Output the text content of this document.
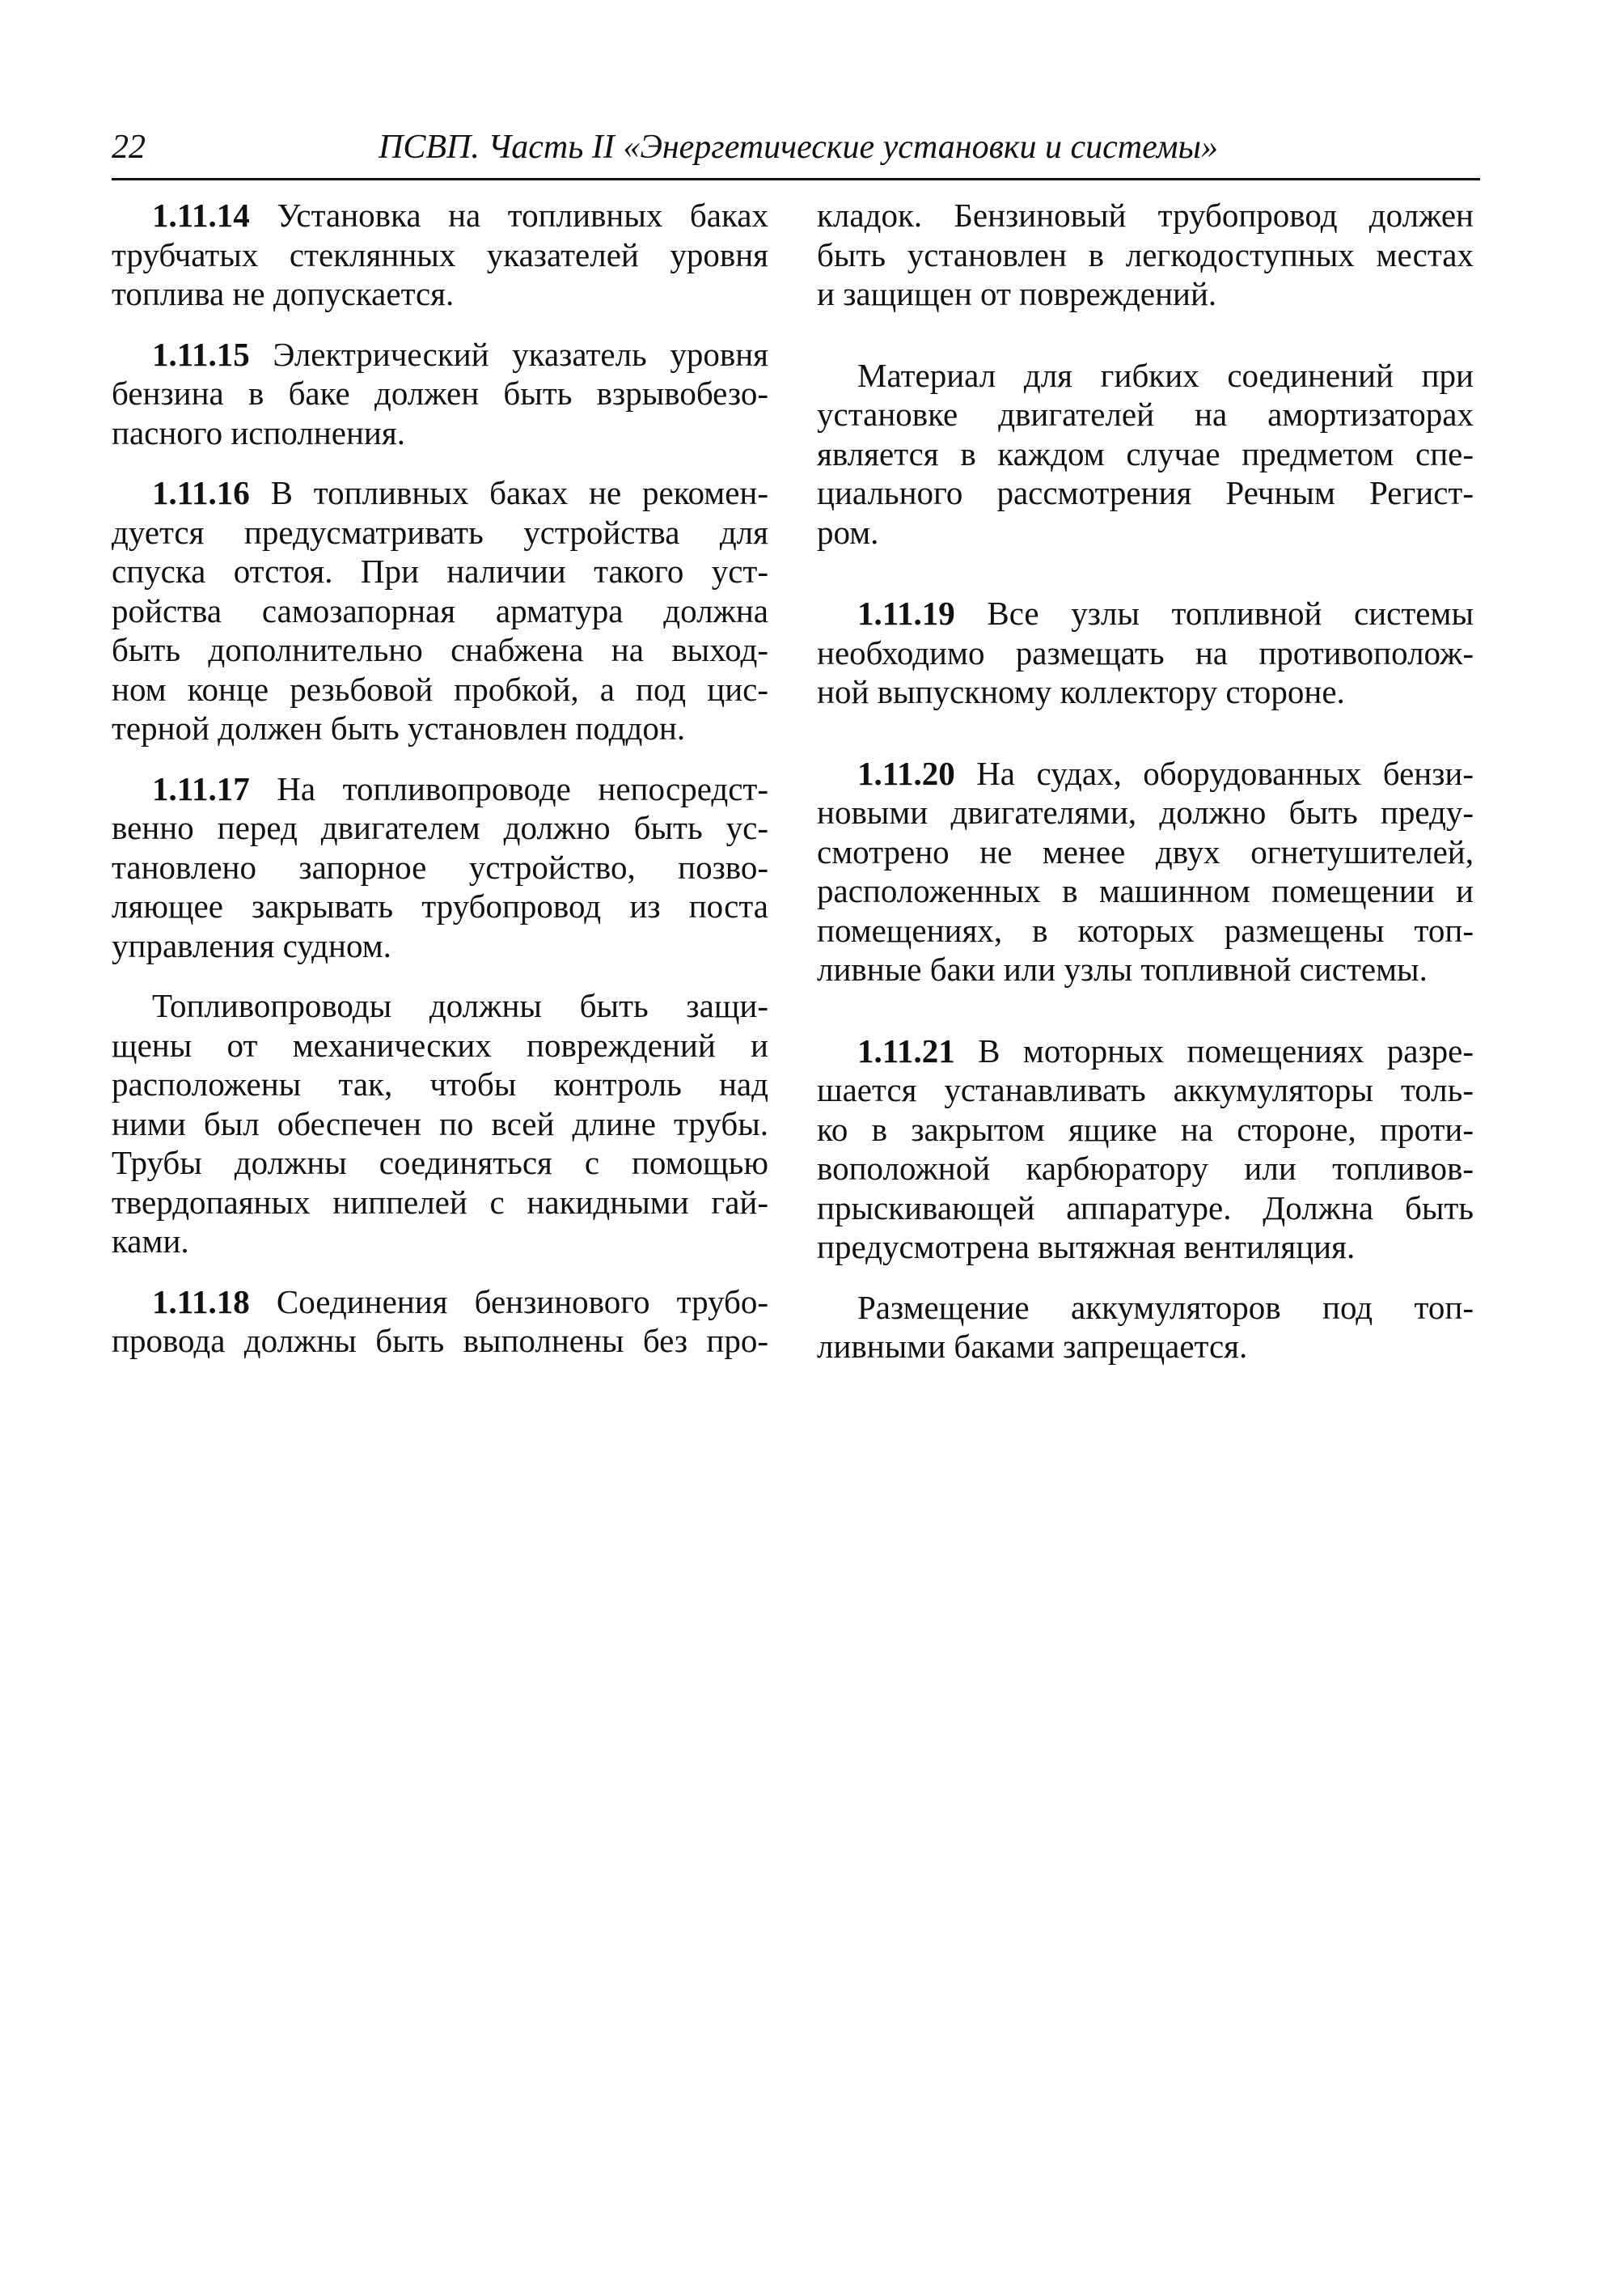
22	ПСВП. Часть II «Энергетические установки и системы»
1.11.14 Установка на топливных баках
трубчатых стеклянных указателей уровня
топлива не допускается.
1.11.15 Электрический указатель уровня
бензина в баке должен быть взрывобезо-
пасного исполнения.
1.11.16 В топливных баках не рекомен-
дуется предусматривать устройства для
спуска отстоя. При наличии такого уст-
ройства самозапорная арматура должна
быть дополнительно снабжена на выход-
ном конце резьбовой пробкой, а под цис-
терной должен быть установлен поддон.
1.11.17 На топливопроводе непосредст-
венно перед двигателем должно быть ус-
тановлено запорное устройство, позво-
ляющее закрывать трубопровод из поста
управления судном.
Топливопроводы должны быть защи-
щены от механических повреждений и
расположены так, чтобы контроль над
ними был обеспечен по всей длине трубы.
Трубы должны соединяться с помощью
твердопаяных ниппелей с накидными гай-
ками.
1.11.18 Соединения бензинового трубо-
провода должны быть выполнены без про-
кладок. Бензиновый трубопровод должен
быть установлен в легкодоступных местах
и защищен от повреждений.
Материал для гибких соединений при
установке двигателей на амортизаторах
является в каждом случае предметом спе-
циального рассмотрения Речным Регист-
ром.
1.11.19 Все узлы топливной системы
необходимо размещать на противополож-
ной выпускному коллектору стороне.
1.11.20 На судах, оборудованных бензи-
новыми двигателями, должно быть преду-
смотрено не менее двух огнетушителей,
расположенных в машинном помещении и
помещениях, в которых размещены топ-
ливные баки или узлы топливной системы.
1.11.21 В моторных помещениях разре-
шается устанавливать аккумуляторы толь-
ко в закрытом ящике на стороне, проти-
воположной карбюратору или топливов-
прыскивающей аппаратуре. Должна быть
предусмотрена вытяжная вентиляция.
Размещение аккумуляторов под топ-
ливными баками запрещается.
